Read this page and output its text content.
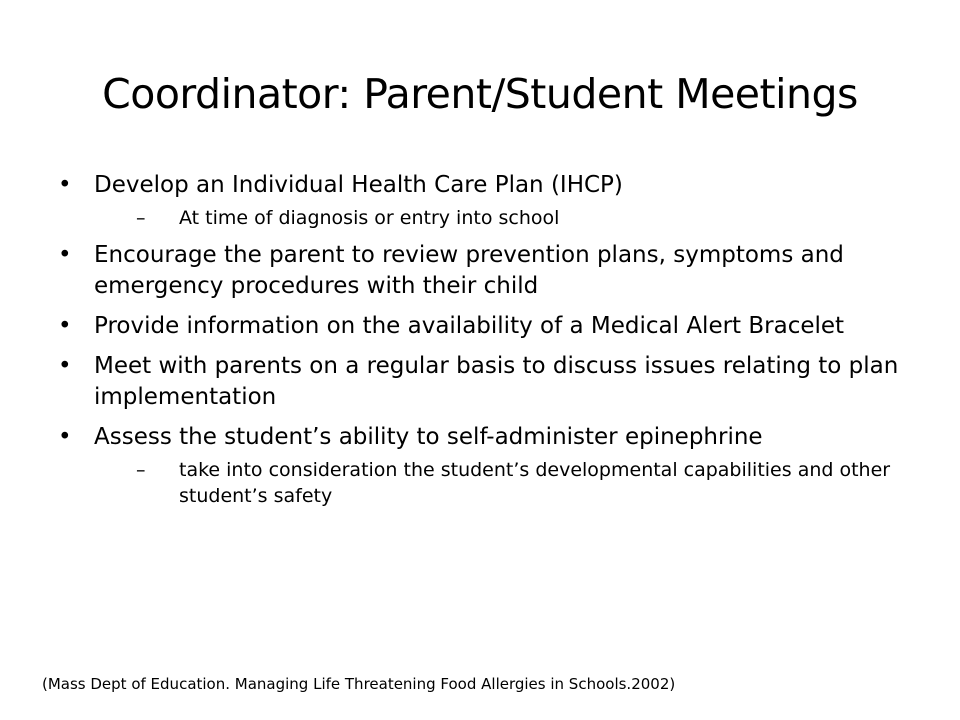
Coordinator: Parent/Student Meetings
• Develop an Individual Health Care Plan (IHCP)
– At time of diagnosis or entry into school
• Encourage the parent to review prevention plans, symptoms and emergency procedures with their child
• Provide information on the availability of a Medical Alert Bracelet
• Meet with parents on a regular basis to discuss issues relating to plan implementation
• Assess the student’s ability to self-administer epinephrine
– take into consideration the student’s developmental capabilities and other student’s safety
(Mass Dept of Education. Managing Life Threatening Food Allergies in Schools.2002)
